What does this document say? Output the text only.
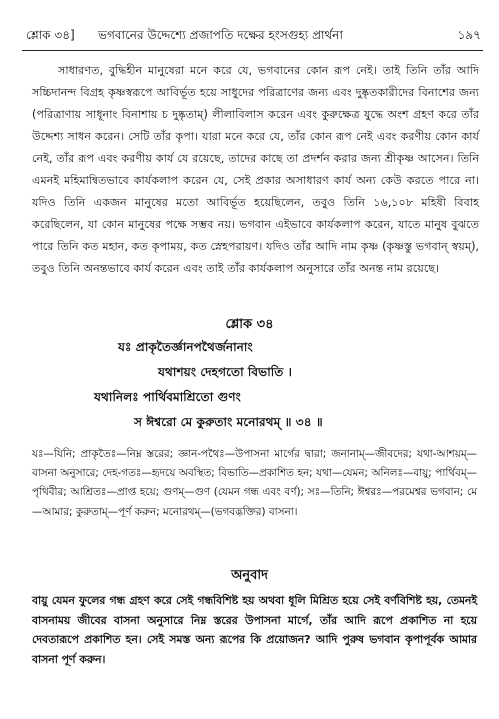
শ্লোক ৩৪] ভগবানের উদ্দেশ্যে প্রজাপতি দক্ষের হংসগুহ্য প্রার্থনা	১৯৭

সাধারণত, বুদ্ধিহীন মানুষেরা মনে করে যে, ভগবানের কোন রূপ নেই। তাই তিনি তাঁর আদি সচ্চিদানন্দ বিগ্রহ কৃষ্ণস্বরূপে আবির্ভূত হয়ে সাধুদের পরিত্রাণের জন্য এবং দুষ্কৃতকারীদের বিনাশের জন্য (পরিত্রাণায় সাধূনাং বিনাশায় চ দুষ্কৃতাম্) লীলাবিলাস করেন এবং কুরুক্ষেত্র যুদ্ধে অংশ গ্রহণ করে তাঁর উদ্দেশ্য সাধন করেন। সেটি তাঁর কৃপা। যারা মনে করে যে, তাঁর কোন রূপ নেই এবং করণীয় কোন কার্য নেই, তাঁর রূপ এবং করণীয় কার্য যে রয়েছে, তাদের কাছে তা প্রদর্শন করার জন্য শ্রীকৃষ্ণ আসেন। তিনি এমনই মহিমান্বিতভাবে কার্যকলাপ করেন যে, সেই প্রকার অসাধারণ কার্য অন্য কেউ করতে পারে না। যদিও তিনি একজন মানুষের মতো আবির্ভূত হয়েছিলেন, তবুও তিনি ১৬,১০৮ মহিষী বিবাহ করেছিলেন, যা কোন মানুষের পক্ষে সম্ভব নয়। ভগবান এইভাবে কার্যকলাপ করেন, যাতে মানুষ বুঝতে পারে তিনি কত মহান, কত কৃপাময়, কত স্নেহপরায়ণ। যদিও তাঁর আদি নাম কৃষ্ণ (কৃষ্ণস্তু ভগবান্ স্বয়ম্), তবুও তিনি অনন্তভাবে কার্য করেন এবং তাই তাঁর কার্যকলাপ অনুসারে তাঁর অনন্ত নাম রয়েছে।

শ্লোক ৩৪
যঃ প্রাকৃতৈর্জ্ঞানপথৈর্জনানাং
যথাশয়ং দেহগতো বিভাতি ।
যথানিলঃ পার্থিবমাশ্রিতো গুণং
স ঈশ্বরো মে কুরুতাং মনোরথম্ ॥ ৩৪ ॥
যঃ—যিনি; প্রাকৃতৈঃ—নিম্ন স্তরের; জ্ঞান-পথৈঃ—উপাসনা মার্গের দ্বারা; জনানাম্—জীবদের; যথা-আশয়ম্—বাসনা অনুসারে; দেহ-গতঃ—হৃদয়ে অবস্থিত; বিভাতি—প্রকাশিত হন; যথা—যেমন; অনিলঃ—বায়ু; পার্থিবম্—পৃথিবীর; আশ্রিতঃ—প্রাপ্ত হয়ে; গুণম্—গুণ (যেমন গন্ধ এবং বর্ণ); সঃ—তিনি; ঈশ্বরঃ—পরমেশ্বর ভগবান; মে—আমার; কুরুতাম্—পূর্ণ করুন; মনোরথম্—(ভগবদ্ভক্তির) বাসনা।
অনুবাদ
বায়ু যেমন ফুলের গন্ধ গ্রহণ করে সেই গন্ধবিশিষ্ট হয় অথবা ধূলি মিশ্রিত হয়ে সেই বর্ণবিশিষ্ট হয়, তেমনই বাসনাময় জীবের বাসনা অনুসারে নিম্ন স্তরের উপাসনা মার্গে, তাঁর আদি রূপে প্রকাশিত না হয়ে দেবতারূপে প্রকাশিত হন। সেই সমস্ত অন্য রূপের কি প্রয়োজন? আদি পুরুষ ভগবান কৃপাপূর্বক আমার বাসনা পূর্ণ করুন।
